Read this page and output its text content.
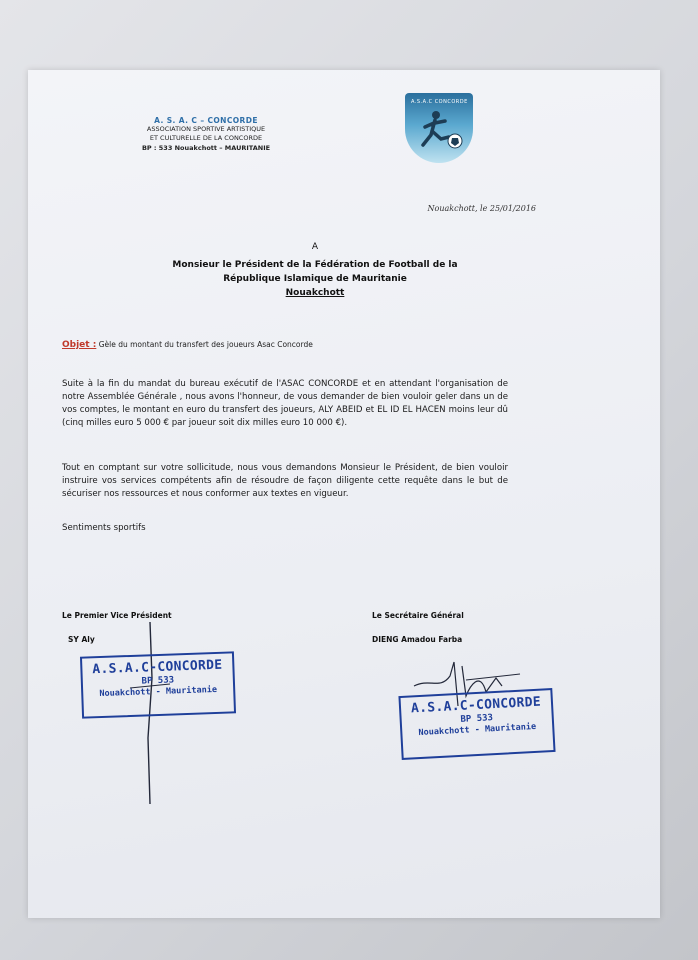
A. S. A. C – CONCORDE
ASSOCIATION SPORTIVE ARTISTIQUE
ET CULTURELLE DE LA CONCORDE
BP : 533 Nouakchott – MAURITANIE
A.S.A.C CONCORDE
Nouakchott, le 25/01/2016
A
Monsieur le Président de la Fédération de Football de la
République Islamique de Mauritanie
Nouakchott
Objet : Gèle du montant du transfert des joueurs Asac Concorde
Suite à la fin du mandat du bureau exécutif de l'ASAC CONCORDE et en attendant l'organisation de notre Assemblée Générale , nous avons l'honneur, de vous demander de bien vouloir geler dans un de vos comptes, le montant en euro du transfert des joueurs, ALY ABEID et EL ID EL HACEN moins leur dû (cinq milles euro 5 000 € par joueur soit dix milles euro 10 000 €).
Tout en comptant sur votre sollicitude, nous vous demandons Monsieur le Président, de bien vouloir instruire vos services compétents afin de résoudre de façon diligente cette requête dans le but de sécuriser nos ressources et nous conformer aux textes en vigueur.
Sentiments sportifs
Le Premier Vice Président
SY Aly
Le Secrétaire Général
DIENG Amadou Farba
A.S.A.C-CONCORDE
BP 533
Nouakchott - Mauritanie
A.S.A.C-CONCORDE
BP 533
Nouakchott - Mauritanie
